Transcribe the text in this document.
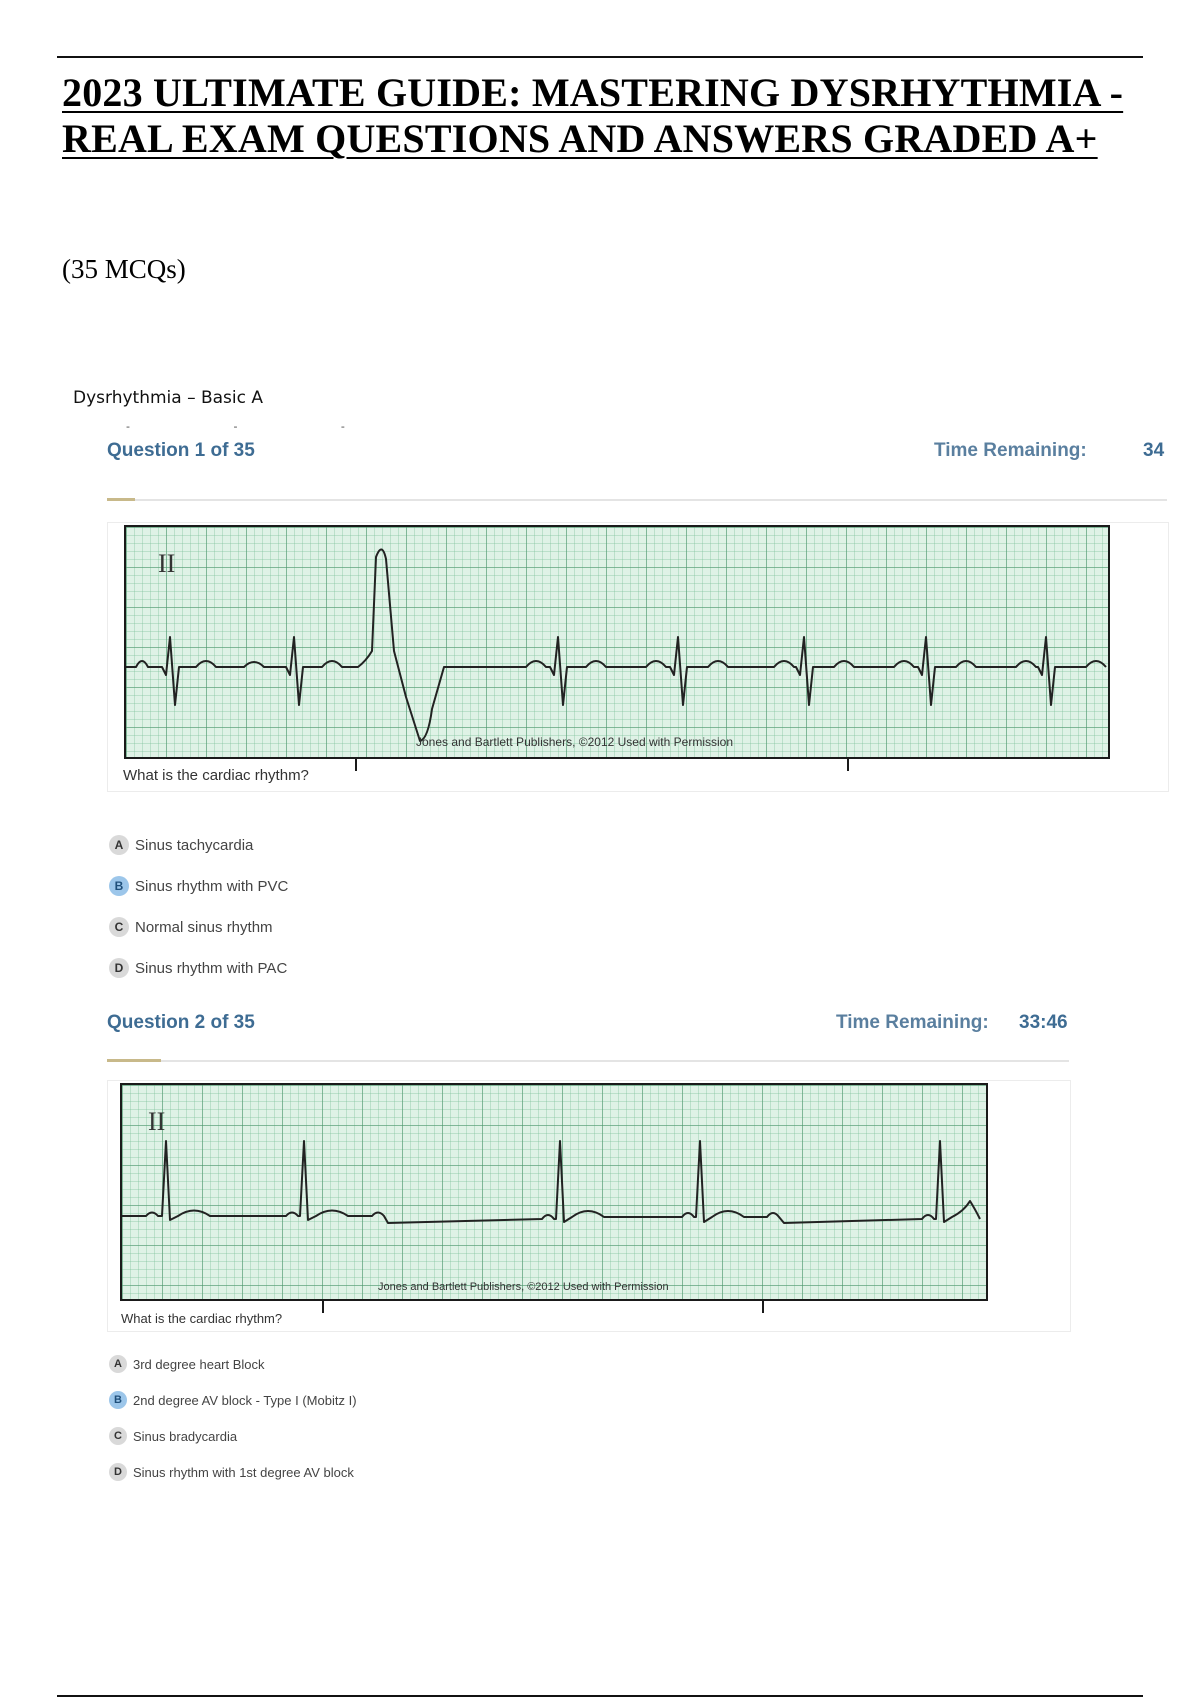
2023 ULTIMATE GUIDE: MASTERING DYSRHYTHMIA -
REAL EXAM QUESTIONS AND ANSWERS GRADED A+
(35 MCQs)
Dysrhythmia – Basic A
- - -
Question 1 of 35	Time Remaining:	34
II
Jones and Bartlett Publishers, ©2012 Used with Permission
What is the cardiac rhythm?
A Sinus tachycardia
B Sinus rhythm with PVC
C Normal sinus rhythm
D Sinus rhythm with PAC
Question 2 of 35	Time Remaining: 33:46
II
Jones and Bartlett Publishers, ©2012 Used with Permission
What is the cardiac rhythm?
A 3rd degree heart Block
B 2nd degree AV block - Type I (Mobitz I)
C Sinus bradycardia
D Sinus rhythm with 1st degree AV block
